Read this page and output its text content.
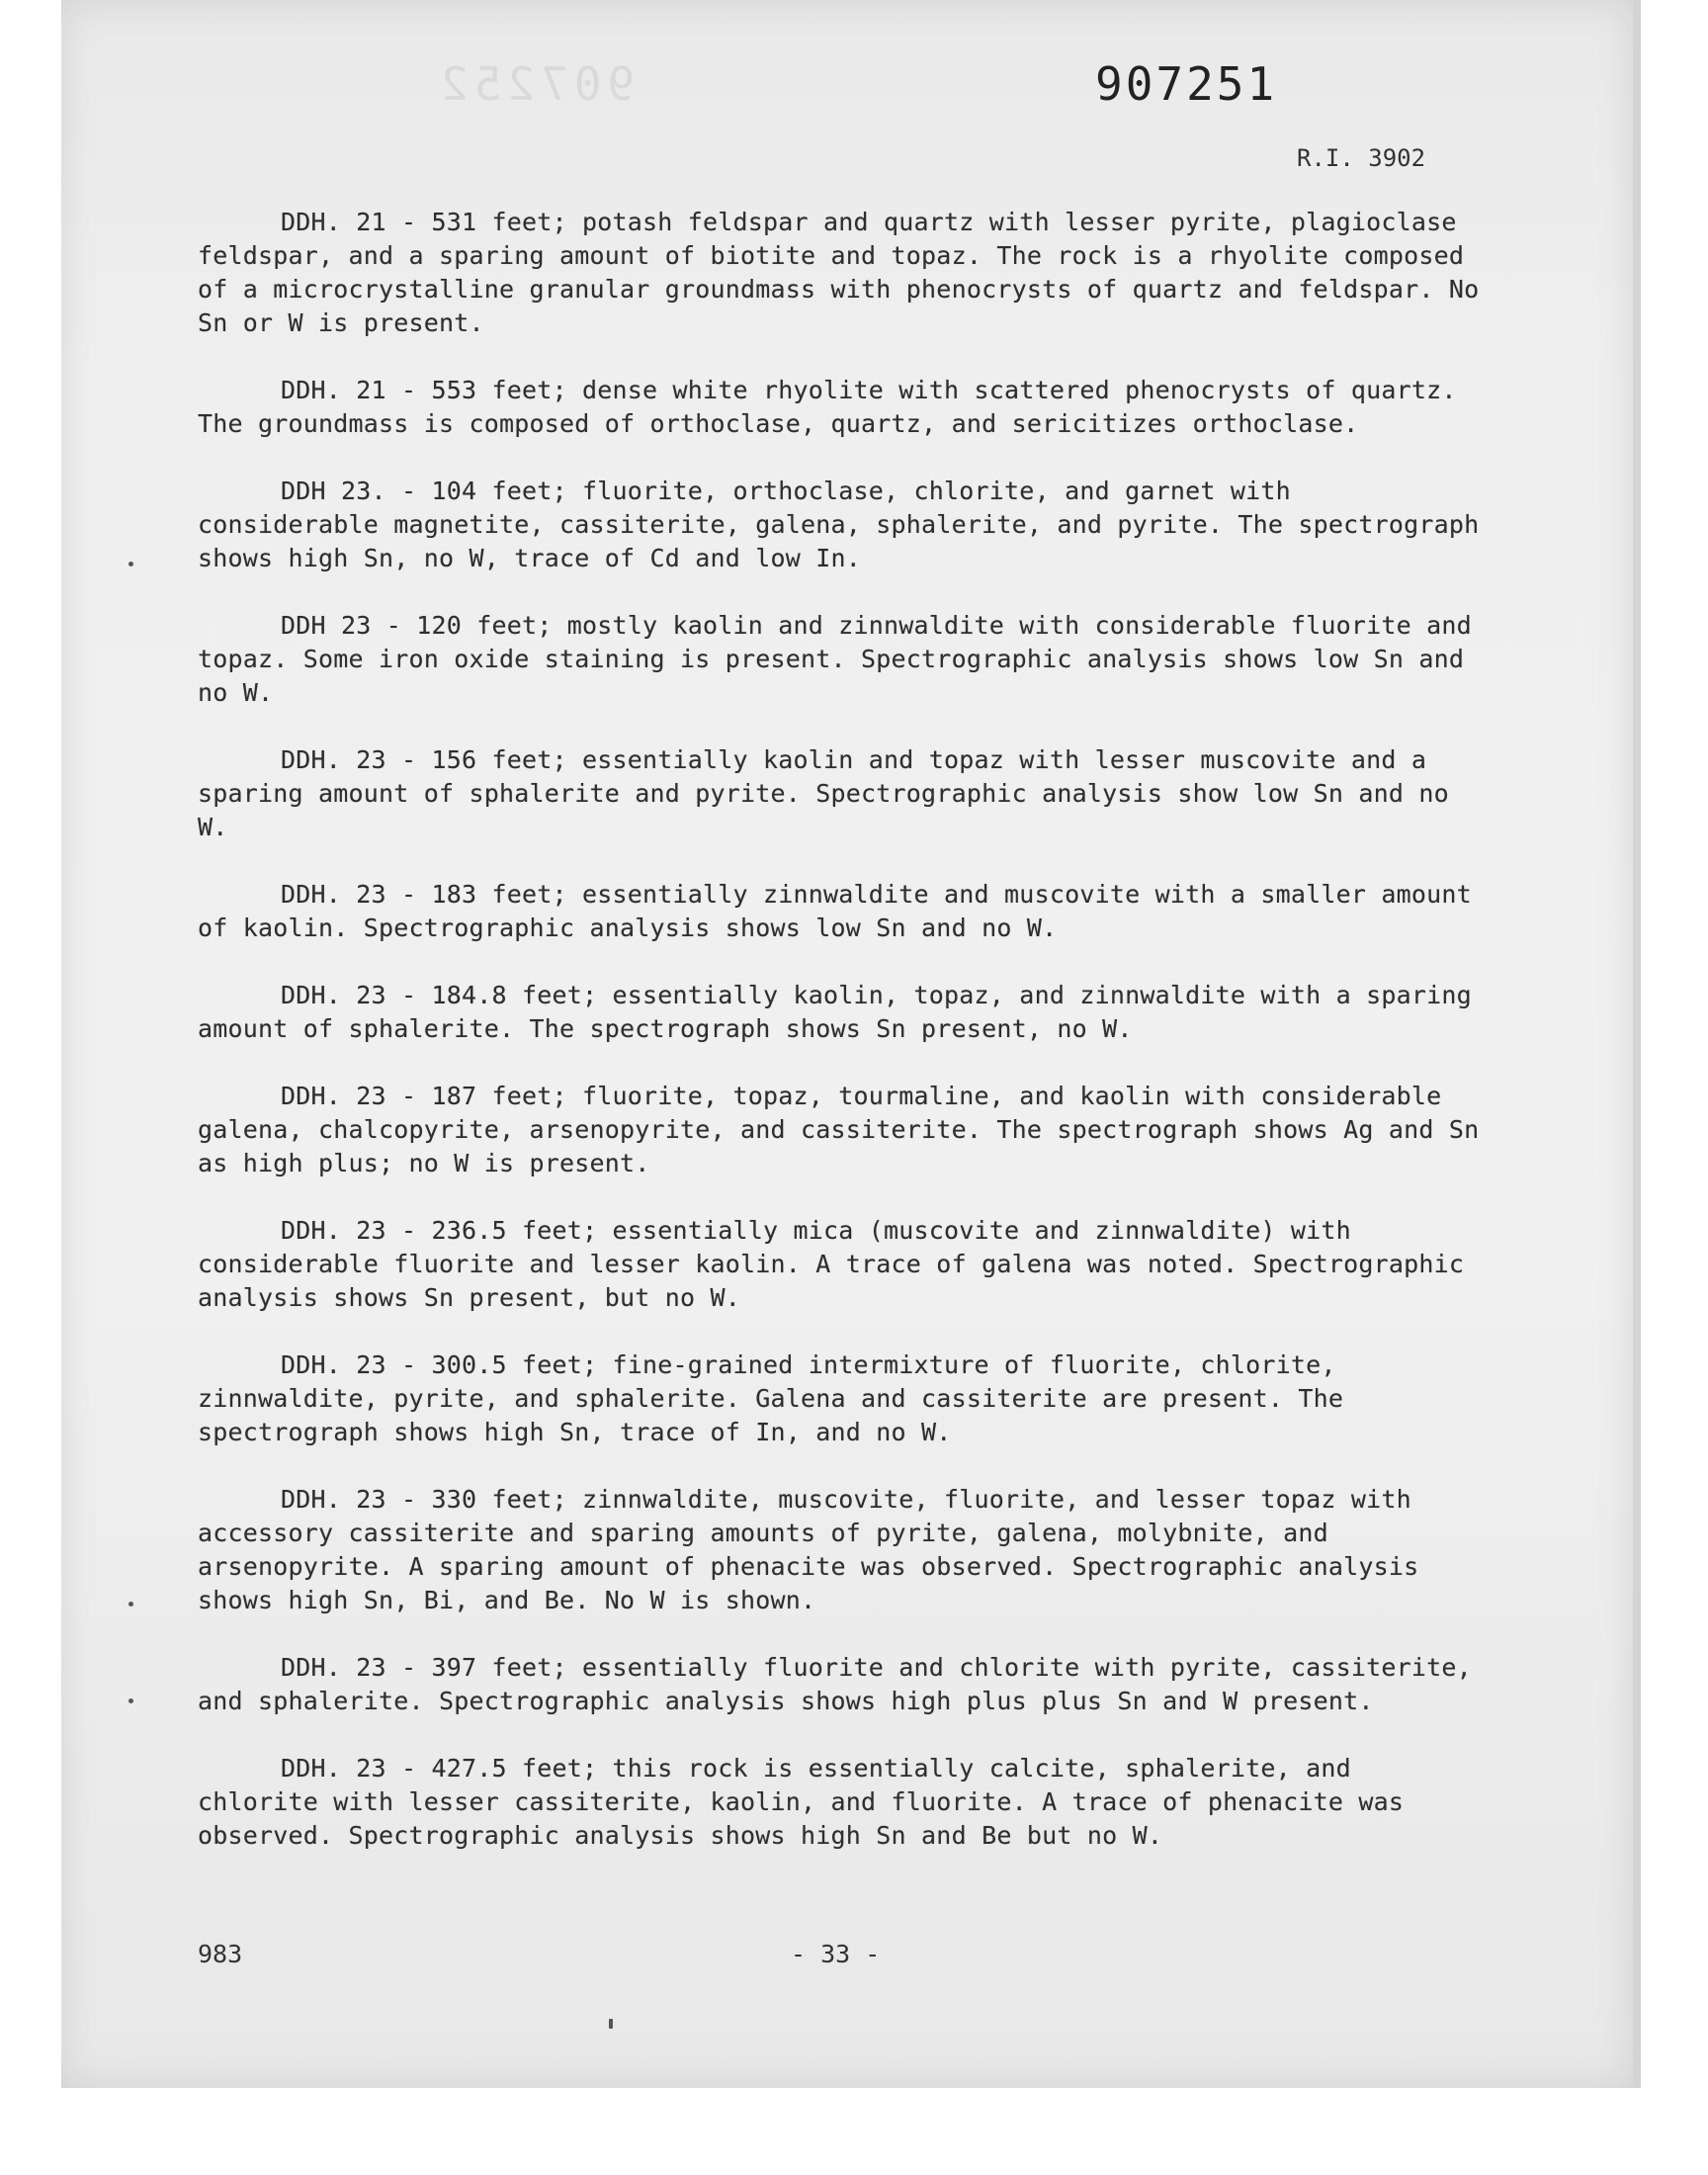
907252	907251
R.I. 3902

DDH. 21 - 531 feet; potash feldspar and quartz with lesser pyrite, plagioclase feldspar, and a sparing amount of biotite and topaz. The rock is a rhyolite composed of a microcrystalline granular groundmass with phenocrysts of quartz and feldspar. No Sn or W is present.

DDH. 21 - 553 feet; dense white rhyolite with scattered phenocrysts of quartz. The groundmass is composed of orthoclase, quartz, and sericitizes orthoclase.

DDH 23. - 104 feet; fluorite, orthoclase, chlorite, and garnet with considerable magnetite, cassiterite, galena, sphalerite, and pyrite. The spectrograph shows high Sn, no W, trace of Cd and low In.

DDH 23 - 120 feet; mostly kaolin and zinnwaldite with considerable fluorite and topaz. Some iron oxide staining is present. Spectrographic analysis shows low Sn and no W.

DDH. 23 - 156 feet; essentially kaolin and topaz with lesser muscovite and a sparing amount of sphalerite and pyrite. Spectrographic analysis show low Sn and no W.

DDH. 23 - 183 feet; essentially zinnwaldite and muscovite with a smaller amount of kaolin. Spectrographic analysis shows low Sn and no W.

DDH. 23 - 184.8 feet; essentially kaolin, topaz, and zinnwaldite with a sparing amount of sphalerite. The spectrograph shows Sn present, no W.

DDH. 23 - 187 feet; fluorite, topaz, tourmaline, and kaolin with considerable galena, chalcopyrite, arsenopyrite, and cassiterite. The spectrograph shows Ag and Sn as high plus; no W is present.

DDH. 23 - 236.5 feet; essentially mica (muscovite and zinnwaldite) with considerable fluorite and lesser kaolin. A trace of galena was noted. Spectrographic analysis shows Sn present, but no W.

DDH. 23 - 300.5 feet; fine-grained intermixture of fluorite, chlorite, zinnwaldite, pyrite, and sphalerite. Galena and cassiterite are present. The spectrograph shows high Sn, trace of In, and no W.

DDH. 23 - 330 feet; zinnwaldite, muscovite, fluorite, and lesser topaz with accessory cassiterite and sparing amounts of pyrite, galena, molybnite, and arsenopyrite. A sparing amount of phenacite was observed. Spectrographic analysis shows high Sn, Bi, and Be. No W is shown.

DDH. 23 - 397 feet; essentially fluorite and chlorite with pyrite, cassiterite, and sphalerite. Spectrographic analysis shows high plus plus Sn and W present.

DDH. 23 - 427.5 feet; this rock is essentially calcite, sphalerite, and chlorite with lesser cassiterite, kaolin, and fluorite. A trace of phenacite was observed. Spectrographic analysis shows high Sn and Be but no W.

983	- 33 -
